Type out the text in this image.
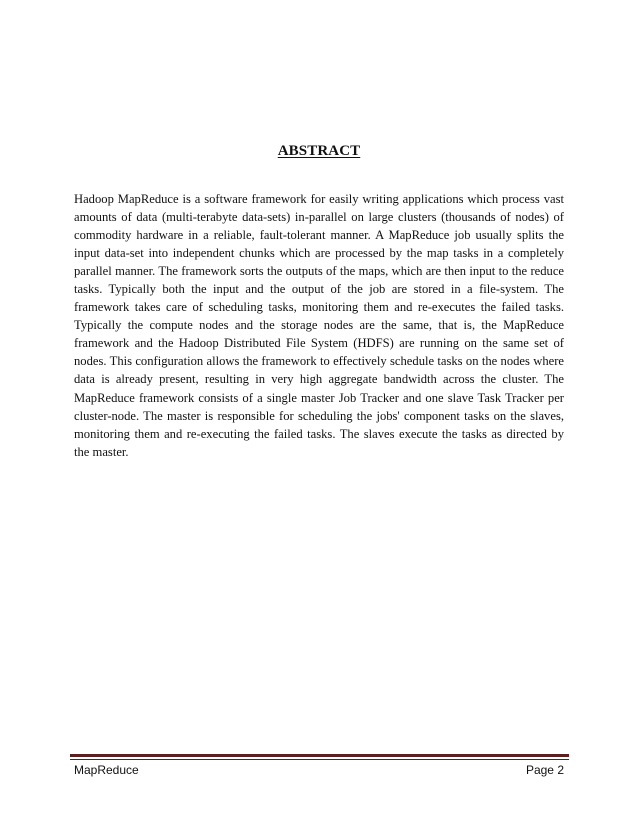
ABSTRACT

Hadoop MapReduce is a software framework for easily writing applications which process vast amounts of data (multi-terabyte data-sets) in-parallel on large clusters (thousands of nodes) of commodity hardware in a reliable, fault-tolerant manner. A MapReduce job usually splits the input data-set into independent chunks which are processed by the map tasks in a completely parallel manner. The framework sorts the outputs of the maps, which are then input to the reduce tasks. Typically both the input and the output of the job are stored in a file-system. The framework takes care of scheduling tasks, monitoring them and re-executes the failed tasks. Typically the compute nodes and the storage nodes are the same, that is, the MapReduce framework and the Hadoop Distributed File System (HDFS) are running on the same set of nodes. This configuration allows the framework to effectively schedule tasks on the nodes where data is already present, resulting in very high aggregate bandwidth across the cluster. The MapReduce framework consists of a single master Job Tracker and one slave Task Tracker per cluster-node. The master is responsible for scheduling the jobs' component tasks on the slaves, monitoring them and re-executing the failed tasks. The slaves execute the tasks as directed by the master.

MapReduce	Page 2
